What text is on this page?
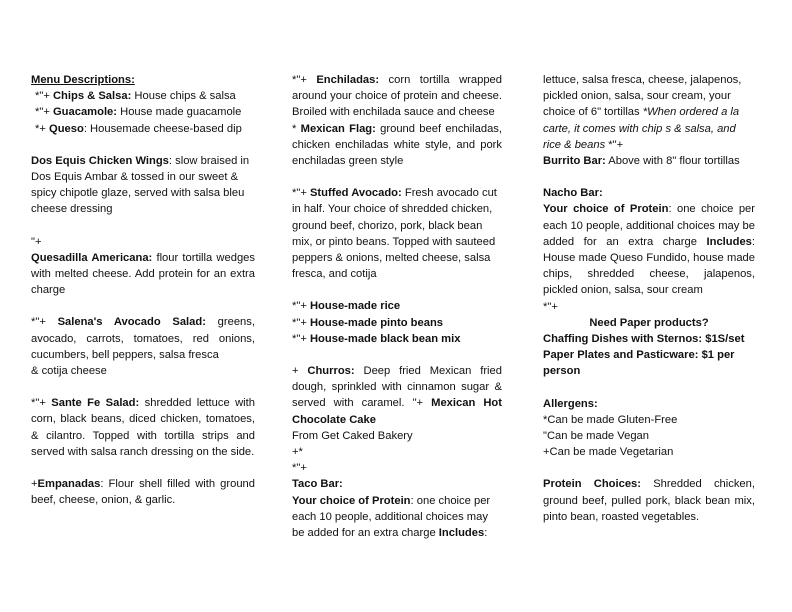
Menu Descriptions:

*"+ Chips & Salsa: House chips & salsa

*"+ Guacamole: House made guacamole

*+ Queso: Housemade cheese-based dip

Dos Equis Chicken Wings: slow braised in Dos Equis Ambar & tossed in our sweet & spicy chipotle glaze, served with salsa bleu cheese dressing

"+

Quesadilla Americana: flour tortilla wedges with melted cheese. Add protein for an extra charge

*"+ Salena's Avocado Salad: greens, avocado, carrots, tomatoes, red onions, cucumbers, bell peppers, salsa fresca

& cotija cheese

*"+ Sante Fe Salad: shredded lettuce with corn, black beans, diced chicken, tomatoes, & cilantro. Topped with tortilla strips and served with salsa ranch dressing on the side.

+Empanadas: Flour shell filled with ground beef, cheese, onion, & garlic.

*"+ Enchiladas: corn tortilla wrapped around your choice of protein and cheese. Broiled with enchilada sauce and cheese

* Mexican Flag: ground beef enchiladas, chicken enchiladas white style, and pork enchiladas green style

*"+ Stuffed Avocado: Fresh avocado cut in half. Your choice of shredded chicken, ground beef, chorizo, pork, black bean mix, or pinto beans. Topped with sauteed peppers & onions, melted cheese, salsa fresca, and cotija

*"+ House-made rice

*"+ House-made pinto beans

*"+ House-made black bean mix

+ Churros: Deep fried Mexican fried dough, sprinkled with cinnamon sugar & served with caramel. "+ Mexican Hot Chocolate Cake

From Get Caked Bakery

+*

*"+

Taco Bar:

Your choice of Protein: one choice per each 10 people, additional choices may be added for an extra charge Includes:

lettuce, salsa fresca, cheese, jalapenos, pickled onion, salsa, sour cream, your choice of 6" tortillas *When ordered a la carte, it comes with chip s & salsa, and rice & beans *"+

Burrito Bar: Above with 8" flour tortillas

Nacho Bar:

Your choice of Protein: one choice per each 10 people, additional choices may be added for an extra charge Includes: House made Queso Fundido, house made chips, shredded cheese, jalapenos, pickled onion, salsa, sour cream

*"+

Need Paper products?

Chaffing Dishes with Sternos: $1S/set

Paper Plates and Pasticware: $1 per person

Allergens:

*Can be made Gluten-Free

"Can be made Vegan

+Can be made Vegetarian

Protein Choices: Shredded chicken, ground beef, pulled pork, black bean mix, pinto bean, roasted vegetables.
